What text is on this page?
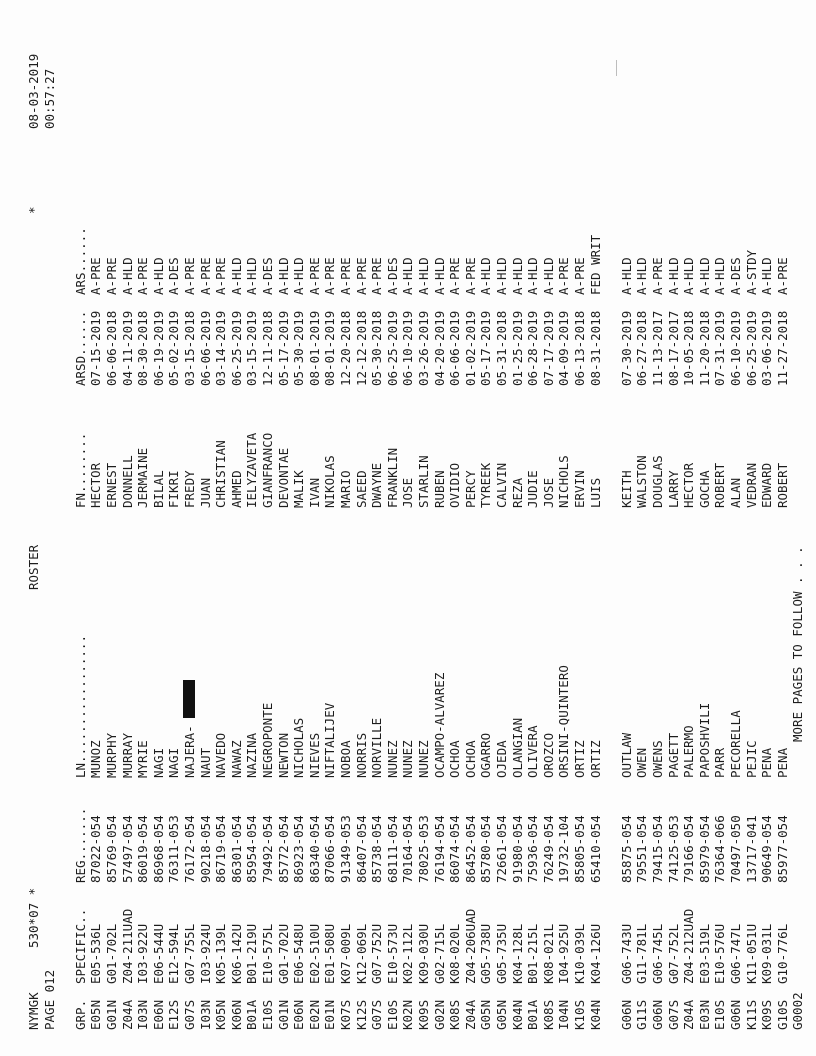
NYMGK
530*07 *
PAGE 012
ROSTER
*
08-03-2019 00:57:27
GRP.
SPECIFIC..
REG.......
LN.................
FN........
ARSD......
ARS......
E05N
E05-536L
87022-054
MUNOZ
HECTOR
07-15-2019
A-PRE
G01N
G01-702L
85769-054
MURPHY
ERNEST
06-06-2018
A-PRE
Z04A
Z04-211UAD
57497-054
MURRAY
DONNELL
04-11-2019
A-HLD
I03N
I03-922U
86019-054
MYRIE
JERMAINE
08-30-2018
A-PRE
E06N
E06-544U
86968-054
NAGI
BILAL
06-19-2019
A-HLD
E12S
E12-594L
76311-053
NAGI
FIKRI
05-02-2019
A-DES
G07S
G07-755L
76172-054
NAJERA-
FREDY
03-15-2018
A-PRE
I03N
I03-924U
90218-054
NAUT
JUAN
06-06-2019
A-PRE
K05N
K05-139L
86719-054
NAVEDO
CHRISTIAN
03-14-2019
A-PRE
K06N
K06-142U
86301-054
NAWAZ
AHMED
06-25-2019
A-HLD
B01A
B01-219U
85954-054
NAZINA
IELYZAVETA
03-15-2019
A-HLD
E10S
E10-575L
79492-054
NEGROPONTE
GIANFRANCO
12-11-2018
A-DES
G01N
G01-702U
85772-054
NEWTON
DEVONTAE
05-17-2019
A-HLD
E06N
E06-548U
86923-054
NICHOLAS
MALIK
05-30-2019
A-HLD
E02N
E02-510U
86340-054
NIEVES
IVAN
08-01-2019
A-PRE
E01N
E01-508U
87066-054
NIFTALIJEV
NIKOLAS
08-01-2019
A-PRE
K07S
K07-009L
91349-053
NOBOA
MARIO
12-20-2018
A-PRE
K12S
K12-069L
86407-054
NORRIS
SAEED
12-12-2018
A-PRE
G07S
G07-752U
85738-054
NORVILLE
DWAYNE
05-30-2018
A-PRE
E10S
E10-573U
68111-054
NUNEZ
FRANKLIN
06-25-2019
A-DES
K02N
K02-112L
70164-054
NUNEZ
JOSE
06-10-2019
A-HLD
K09S
K09-030U
78025-053
NUNEZ
STARLIN
03-26-2019
A-HLD
G02N
G02-715L
76194-054
OCAMPO-ALVAREZ
RUBEN
04-20-2019
A-HLD
K08S
K08-020L
86074-054
OCHOA
OVIDIO
06-06-2019
A-PRE
Z04A
Z04-206UAD
86452-054
OCHOA
PERCY
01-02-2019
A-PRE
G05N
G05-738U
85780-054
OGARRO
TYREEK
05-17-2019
A-HLD
G05N
G05-735U
72661-054
OJEDA
CALVIN
05-31-2018
A-HLD
K04N
K04-128L
91980-054
OLANGIAN
REZA
01-25-2019
A-HLD
B01A
B01-215L
75936-054
OLIVERA
JUDIE
06-28-2019
A-HLD
K08S
K08-021L
76249-054
OROZCO
JOSE
07-17-2019
A-HLD
I04N
I04-925U
19732-104
ORSINI-QUINTERO
NICHOLS
04-09-2019
A-PRE
K10S
K10-039L
85805-054
ORTIZ
ERVIN
06-13-2018
A-PRE
K04N
K04-126U
65410-054
ORTIZ
LUIS
08-31-2018
FED WRIT
G06N
G06-743U
85875-054
OUTLAW
KEITH
07-30-2019
A-HLD
G11S
G11-781L
79551-054
OWEN
WALSTON
06-27-2018
A-HLD
G06N
G06-745L
79415-054
OWENS
DOUGLAS
11-13-2017
A-PRE
G07S
G07-752L
74125-053
PAGETT
LARRY
08-17-2017
A-HLD
Z04A
Z04-212UAD
79166-054
PALERMO
HECTOR
10-05-2018
A-HLD
E03N
E03-519L
85979-054
PAPOSHVILI
GOCHA
11-20-2018
A-HLD
E10S
E10-576U
76364-066
PARR
ROBERT
07-31-2019
A-HLD
G06N
G06-747L
70497-050
PECORELLA
ALAN
06-10-2019
A-DES
K11S
K11-051U
13717-041
PEJIC
VEDRAN
06-25-2019
A-STDY
K09S
K09-031L
90649-054
PENA
EDWARD
03-06-2019
A-HLD
G10S
G10-776L
85977-054
PENA
ROBERT
11-27-2018
A-PRE
G0002
MORE PAGES TO FOLLOW . . .
